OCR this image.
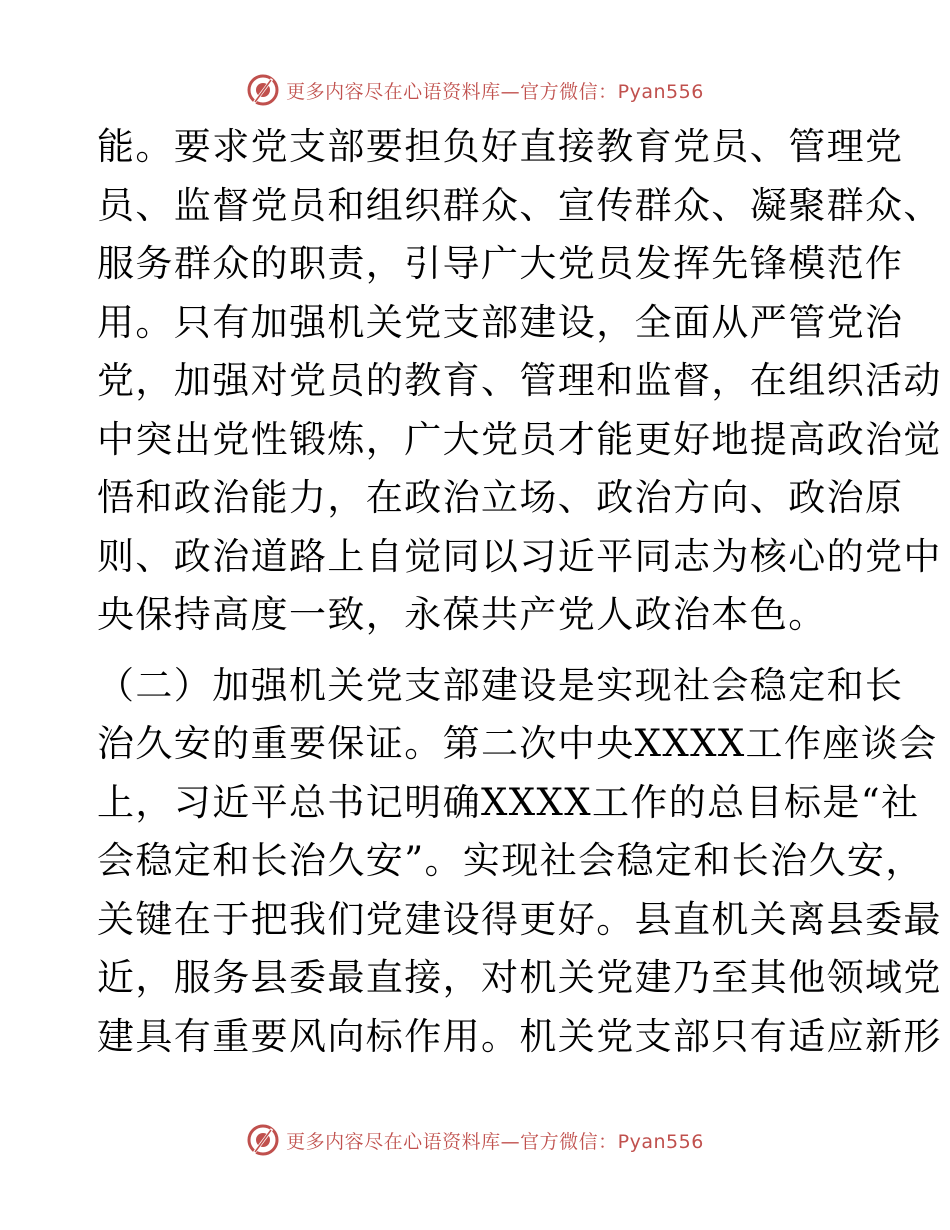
更多内容尽在心语资料库—官方微信：Pyan556
能。要求党支部要担负好直接教育党员、管理党
员、监督党员和组织群众、宣传群众、凝聚群众、
服务群众的职责，引导广大党员发挥先锋模范作
用。只有加强机关党支部建设，全面从严管党治
党，加强对党员的教育、管理和监督，在组织活动
中突出党性锻炼，广大党员才能更好地提高政治觉
悟和政治能力，在政治立场、政治方向、政治原
则、政治道路上自觉同以习近平同志为核心的党中
央保持高度一致，永葆共产党人政治本色。
（二）加强机关党支部建设是实现社会稳定和长
治久安的重要保证。第二次中央XXXX工作座谈会
上，习近平总书记明确XXXX工作的总目标是“社
会稳定和长治久安”。实现社会稳定和长治久安，
关键在于把我们党建设得更好。县直机关离县委最
近，服务县委最直接，对机关党建乃至其他领域党
建具有重要风向标作用。机关党支部只有适应新形
更多内容尽在心语资料库—官方微信：Pyan556
